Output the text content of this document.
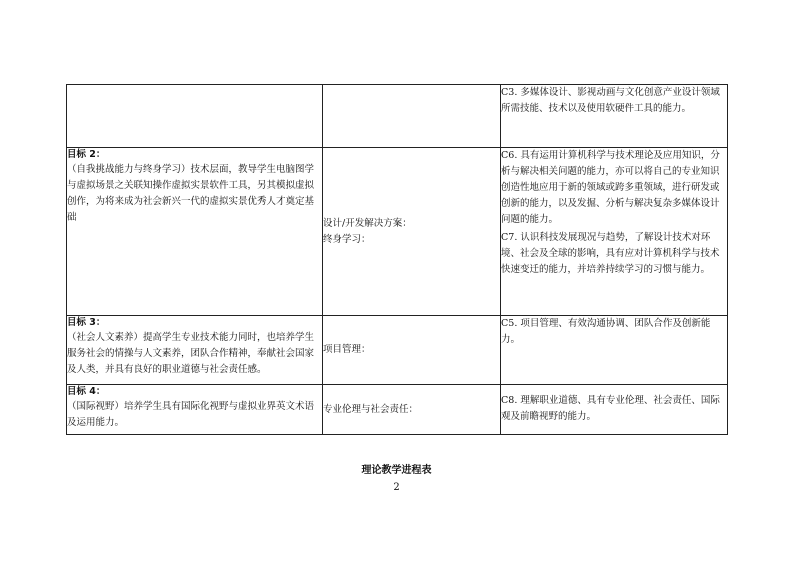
		C3. 多媒体设计、影视动画与文化创意产业设计领域所需技能、技术以及使用软硬件工具的能力。

目标 2：
（自我挑战能力与终身学习）技术层面，教导学生电脑图学与虚拟场景之关联知操作虚拟实景软件工具，另其模拟虚拟创作，为将来成为社会新兴一代的虚拟实景优秀人才奠定基础	设计/开发解决方案：
终身学习：	C6. 具有运用计算机科学与技术理论及应用知识，分析与解决相关问题的能力，亦可以将自己的专业知识创造性地应用于新的领域或跨多重领域，进行研发或创新的能力，以及发掘、分析与解决复杂多媒体设计问题的能力。
C7. 认识科技发展现况与趋势，了解设计技术对环境、社会及全球的影响，具有应对计算机科学与技术快速变迁的能力，并培养持续学习的习惯与能力。

目标 3：
（社会人文素养）提高学生专业技术能力同时，也培养学生服务社会的情操与人文素养，团队合作精神，奉献社会国家及人类，并具有良好的职业道德与社会责任感。	项目管理：	C5. 项目管理、有效沟通协调、团队合作及创新能力。

目标 4：
（国际视野）培养学生具有国际化视野与虚拟业界英文术语及运用能力。	专业伦理与社会责任：	C8. 理解职业道德、具有专业伦理、社会责任、国际观及前瞻视野的能力。
理论教学进程表
2
